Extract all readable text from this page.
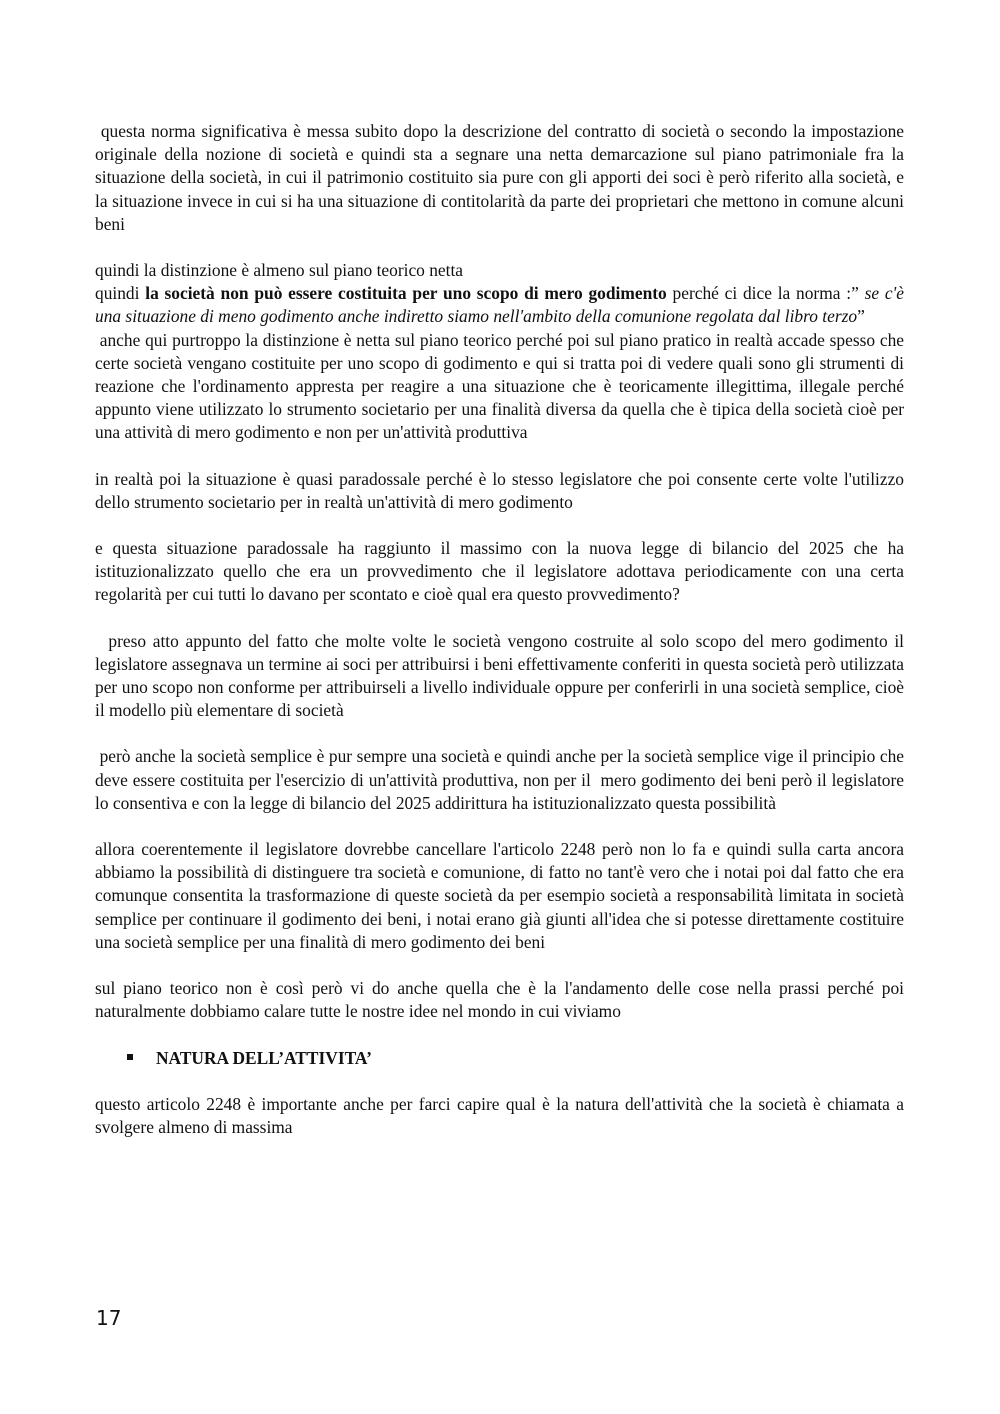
questa norma significativa è messa subito dopo la descrizione del contratto di società o secondo la impostazione originale della nozione di società e quindi sta a segnare una netta demarcazione sul piano patrimoniale fra la situazione della società, in cui il patrimonio costituito sia pure con gli apporti dei soci è però riferito alla società, e la situazione invece in cui si ha una situazione di contitolarità da parte dei proprietari che mettono in comune alcuni beni

quindi la distinzione è almeno sul piano teorico netta

quindi la società non può essere costituita per uno scopo di mero godimento perché ci dice la norma :” se c'è una situazione di meno godimento anche indiretto siamo nell'ambito della comunione regolata dal libro terzo”

anche qui purtroppo la distinzione è netta sul piano teorico perché poi sul piano pratico in realtà accade spesso che certe società vengano costituite per uno scopo di godimento e qui si tratta poi di vedere quali sono gli strumenti di reazione che l'ordinamento appresta per reagire a una situazione che è teoricamente illegittima, illegale perché appunto viene utilizzato lo strumento societario per una finalità diversa da quella che è tipica della società cioè per una attività di mero godimento e non per un'attività produttiva

in realtà poi la situazione è quasi paradossale perché è lo stesso legislatore che poi consente certe volte l'utilizzo dello strumento societario per in realtà un'attività di mero godimento

e questa situazione paradossale ha raggiunto il massimo con la nuova legge di bilancio del 2025 che ha istituzionalizzato quello che era un provvedimento che il legislatore adottava periodicamente con una certa regolarità per cui tutti lo davano per scontato e cioè qual era questo provvedimento?

preso atto appunto del fatto che molte volte le società vengono costruite al solo scopo del mero godimento il legislatore assegnava un termine ai soci per attribuirsi i beni effettivamente conferiti in questa società però utilizzata per uno scopo non conforme per attribuirseli a livello individuale oppure per conferirli in una società semplice, cioè il modello più elementare di società

però anche la società semplice è pur sempre una società e quindi anche per la società semplice vige il principio che deve essere costituita per l'esercizio di un'attività produttiva, non per il  mero godimento dei beni però il legislatore lo consentiva e con la legge di bilancio del 2025 addirittura ha istituzionalizzato questa possibilità

allora coerentemente il legislatore dovrebbe cancellare l'articolo 2248 però non lo fa e quindi sulla carta ancora abbiamo la possibilità di distinguere tra società e comunione, di fatto no tant'è vero che i notai poi dal fatto che era comunque consentita la trasformazione di queste società da per esempio società a responsabilità limitata in società semplice per continuare il godimento dei beni, i notai erano già giunti all'idea che si potesse direttamente costituire una società semplice per una finalità di mero godimento dei beni

sul piano teorico non è così però vi do anche quella che è la l'andamento delle cose nella prassi perché poi naturalmente dobbiamo calare tutte le nostre idee nel mondo in cui viviamo

NATURA DELL’ATTIVITA’

questo articolo 2248 è importante anche per farci capire qual è la natura dell'attività che la società è chiamata a svolgere almeno di massima

17
